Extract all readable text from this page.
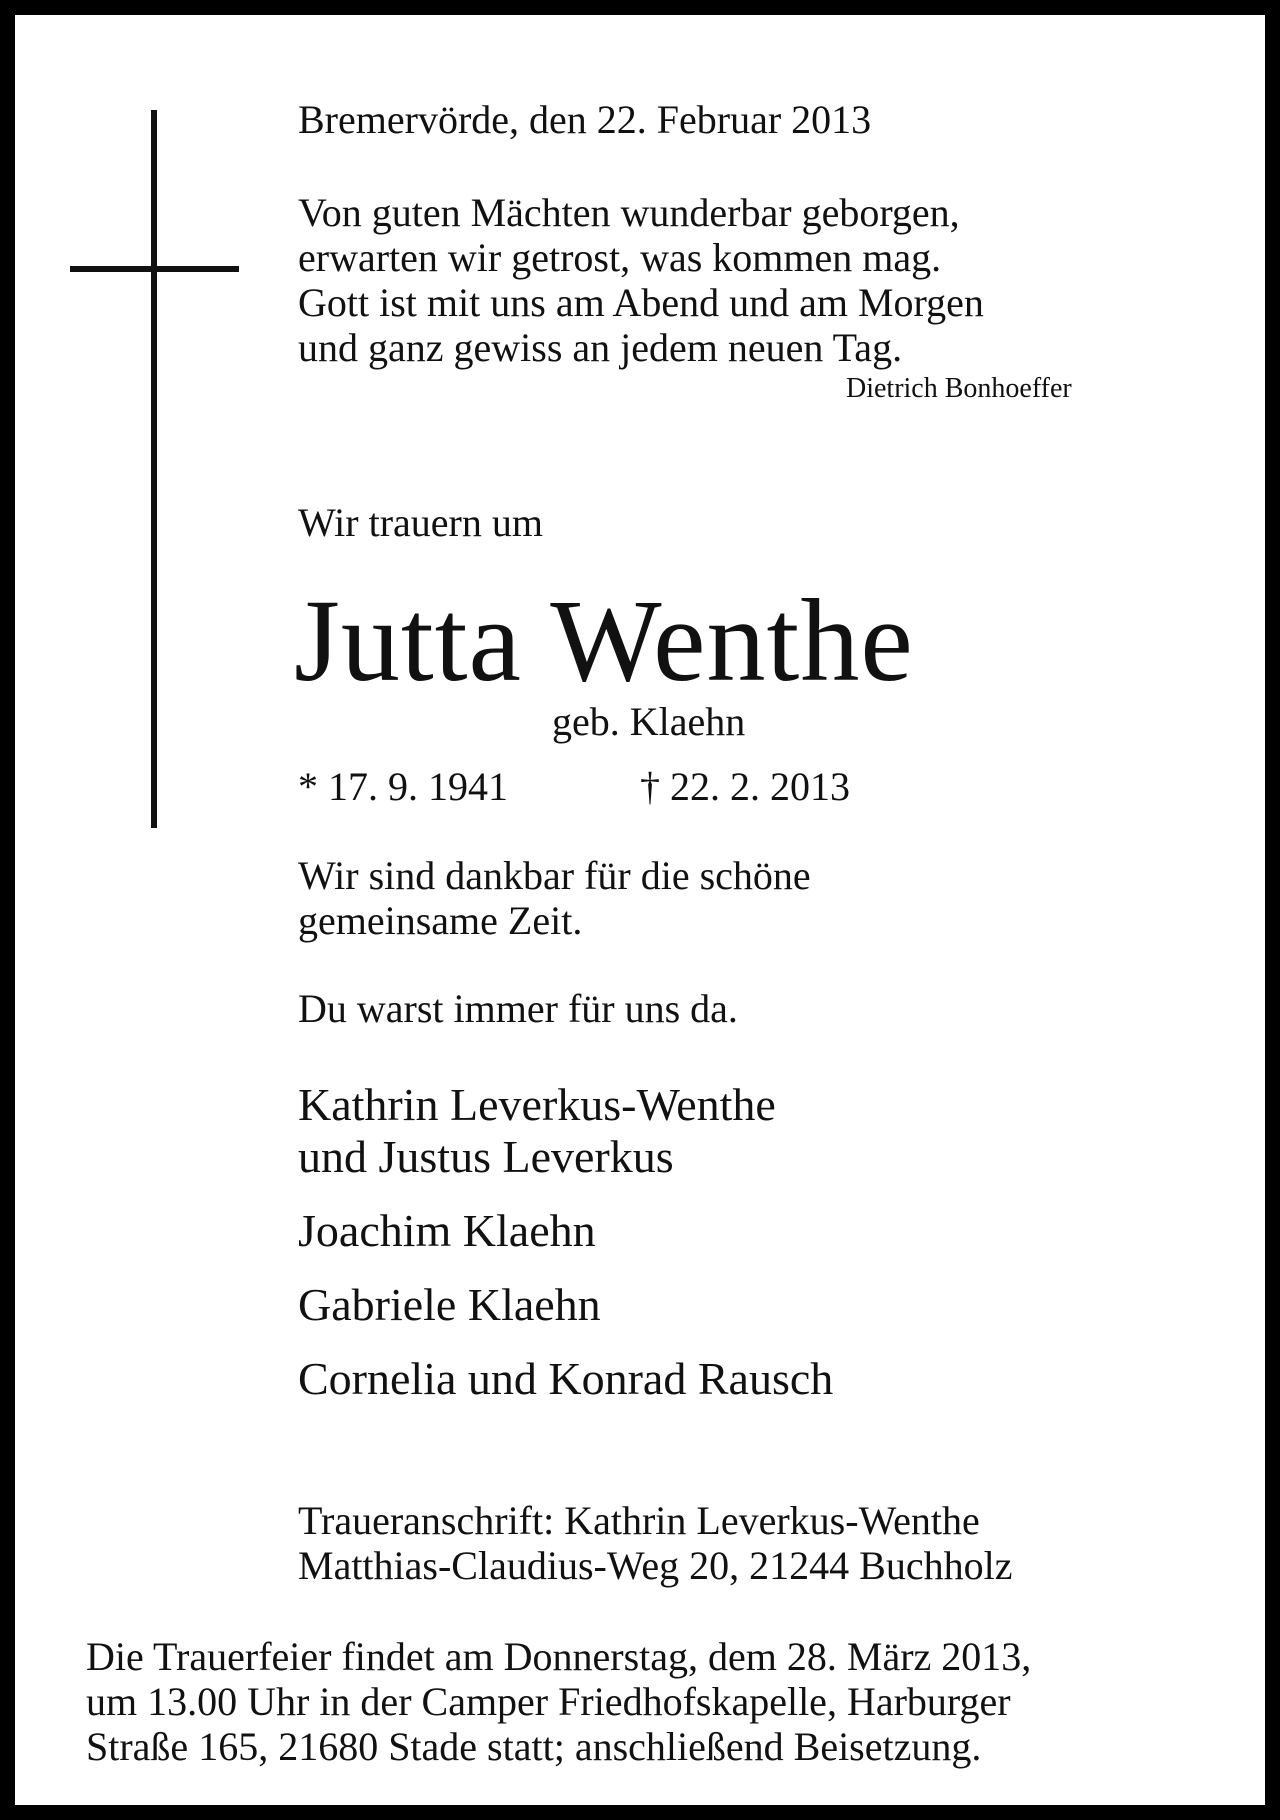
Bremervörde, den 22. Februar 2013
Von guten Mächten wunderbar geborgen,
erwarten wir getrost, was kommen mag.
Gott ist mit uns am Abend und am Morgen
und ganz gewiss an jedem neuen Tag.
Dietrich Bonhoeffer
Wir trauern um
Jutta Wenthe
geb. Klaehn
* 17. 9. 1941	† 22. 2. 2013
Wir sind dankbar für die schöne
gemeinsame Zeit.
Du warst immer für uns da.
Kathrin Leverkus-Wenthe
und Justus Leverkus
Joachim Klaehn
Gabriele Klaehn
Cornelia und Konrad Rausch
Traueranschrift: Kathrin Leverkus-Wenthe
Matthias-Claudius-Weg 20, 21244 Buchholz
Die Trauerfeier findet am Donnerstag, dem 28. März 2013,
um 13.00 Uhr in der Camper Friedhofskapelle, Harburger
Straße 165, 21680 Stade statt; anschließend Beisetzung.
